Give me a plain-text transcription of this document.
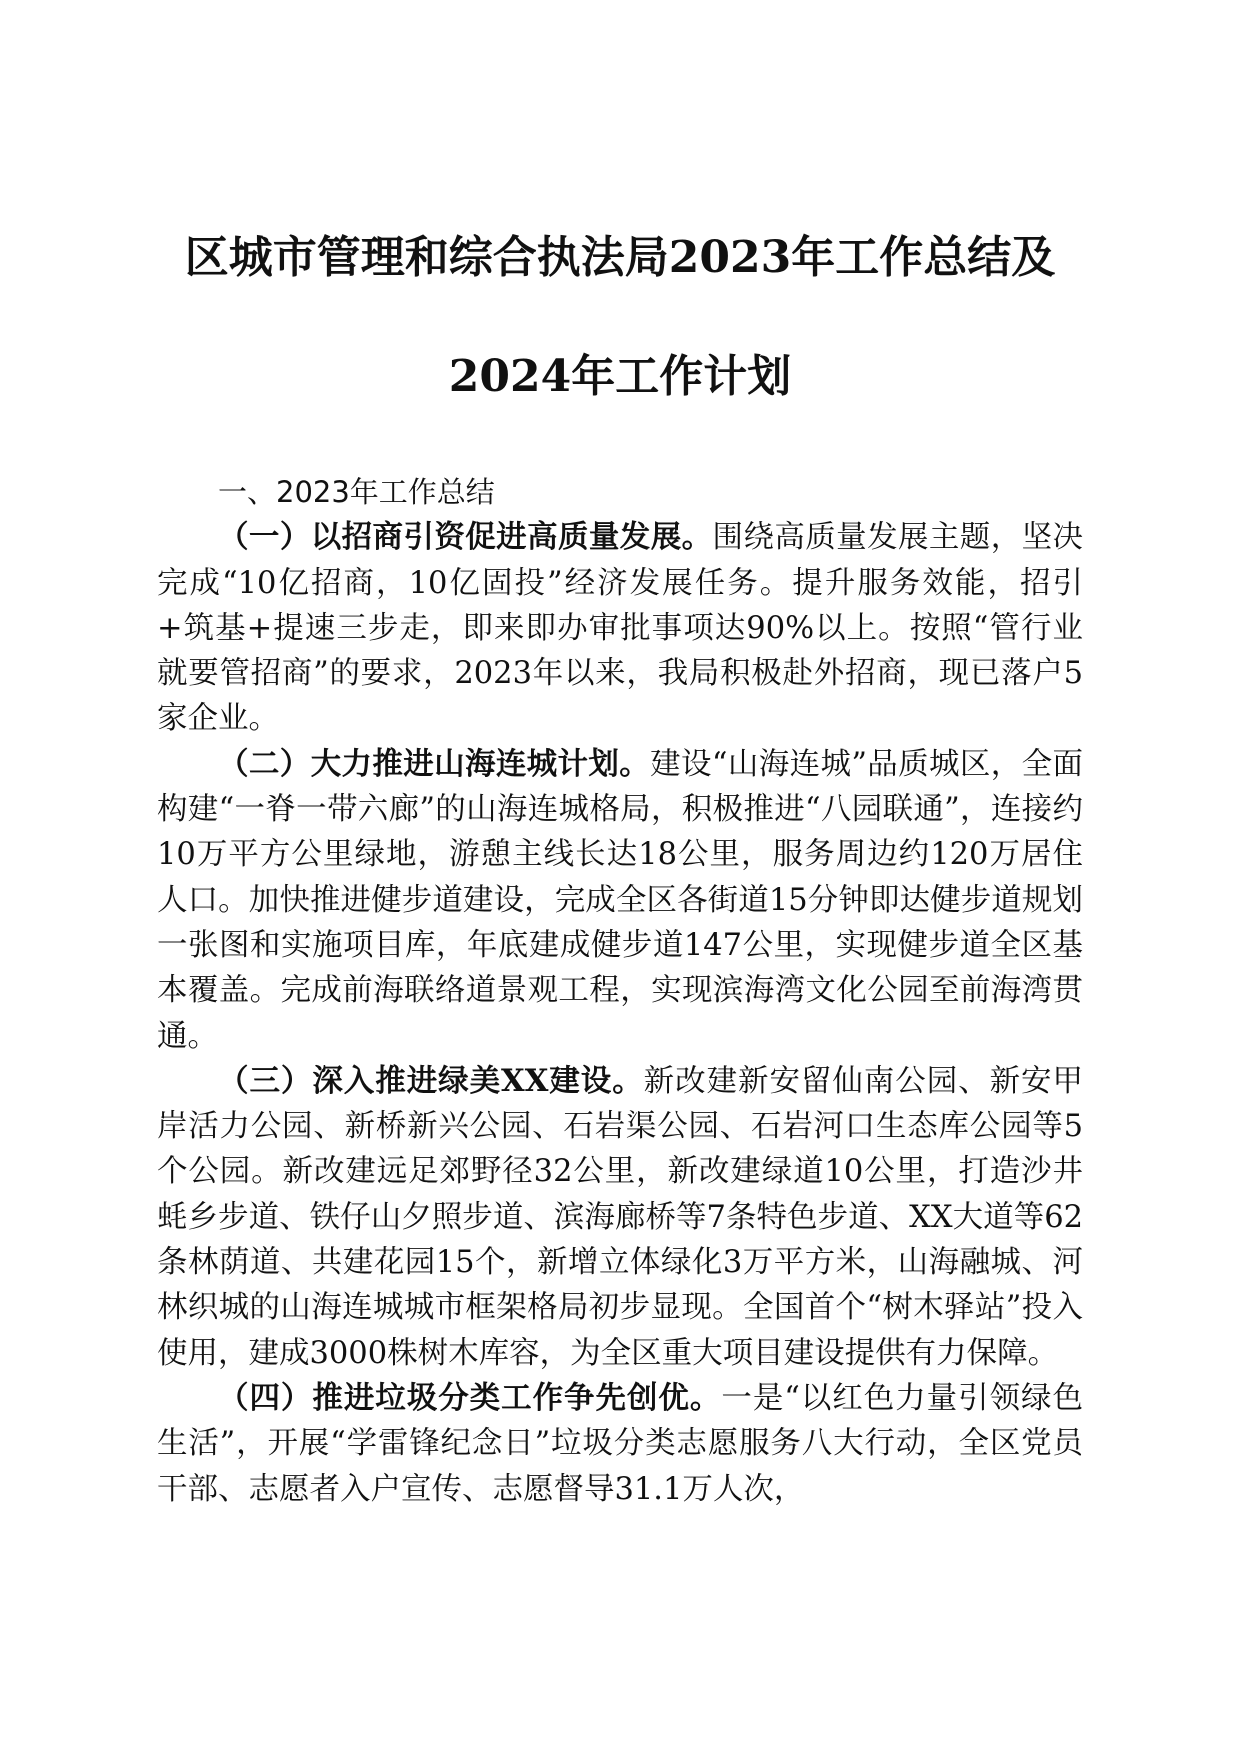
区城市管理和综合执法局2023年工作总结及
2024年工作计划

一、2023年工作总结

（一）以招商引资促进高质量发展。围绕高质量发展主题，坚决完成“10亿招商，10亿固投”经济发展任务。提升服务效能，招引+筑基+提速三步走，即来即办审批事项达90%以上。按照“管行业就要管招商”的要求，2023年以来，我局积极赴外招商，现已落户5家企业。

（二）大力推进山海连城计划。建设“山海连城”品质城区，全面构建“一脊一带六廊”的山海连城格局，积极推进“八园联通”，连接约10万平方公里绿地，游憩主线长达18公里，服务周边约120万居住人口。加快推进健步道建设，完成全区各街道15分钟即达健步道规划一张图和实施项目库，年底建成健步道147公里，实现健步道全区基本覆盖。完成前海联络道景观工程，实现滨海湾文化公园至前海湾贯通。

（三）深入推进绿美XX建设。新改建新安留仙南公园、新安甲岸活力公园、新桥新兴公园、石岩渠公园、石岩河口生态库公园等5个公园。新改建远足郊野径32公里，新改建绿道10公里，打造沙井蚝乡步道、铁仔山夕照步道、滨海廊桥等7条特色步道、XX大道等62条林荫道、共建花园15个，新增立体绿化3万平方米，山海融城、河林织城的山海连城城市框架格局初步显现。全国首个“树木驿站”投入使用，建成3000株树木库容，为全区重大项目建设提供有力保障。

（四）推进垃圾分类工作争先创优。一是“以红色力量引领绿色生活”，开展“学雷锋纪念日”垃圾分类志愿服务八大行动，全区党员干部、志愿者入户宣传、志愿督导31.1万人次，
